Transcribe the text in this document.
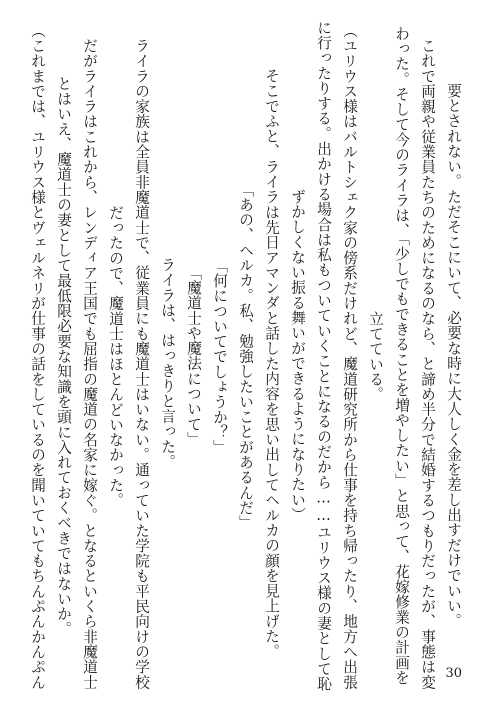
要とされない。ただそこにいて、必要な時に大人しく金を差し出すだけでいい。
　これで両親や従業員たちのためになるのなら、と諦め半分で結婚するつもりだったが、事態は変
わった。そして今のライラは、「少しでもできることを増やしたい」と思って、花嫁修業の計画を
立てている。
（ユリウス様はバルトシェク家の傍系だけれど、魔道研究所から仕事を持ち帰ったり、地方へ出張
に行ったりする。出かける場合は私もついていくことになるのだから……ユリウス様の妻として恥
ずかしくない振る舞いができるようになりたい）
　そこでふと、ライラは先日アマンダと話した内容を思い出してヘルカの顔を見上げた。
「あの、ヘルカ。私、勉強したいことがあるんだ」
「何についてでしょうか？」
「魔道士や魔法について」
　ライラは、はっきりと言った。
　ライラの家族は全員非魔道士で、従業員にも魔道士はいない。通っていた学院も平民向けの学校
だったので、魔道士はほとんどいなかった。
　だがライラはこれから、レンディア王国でも屈指の魔道の名家に嫁ぐ。となるといくら非魔道士
とはいえ、魔道士の妻として最低限必要な知識を頭に入れておくべきではないか。
（これまでは、ユリウス様とヴェルネリが仕事の話をしているのを聞いていてもちんぷんかんぷん	30
